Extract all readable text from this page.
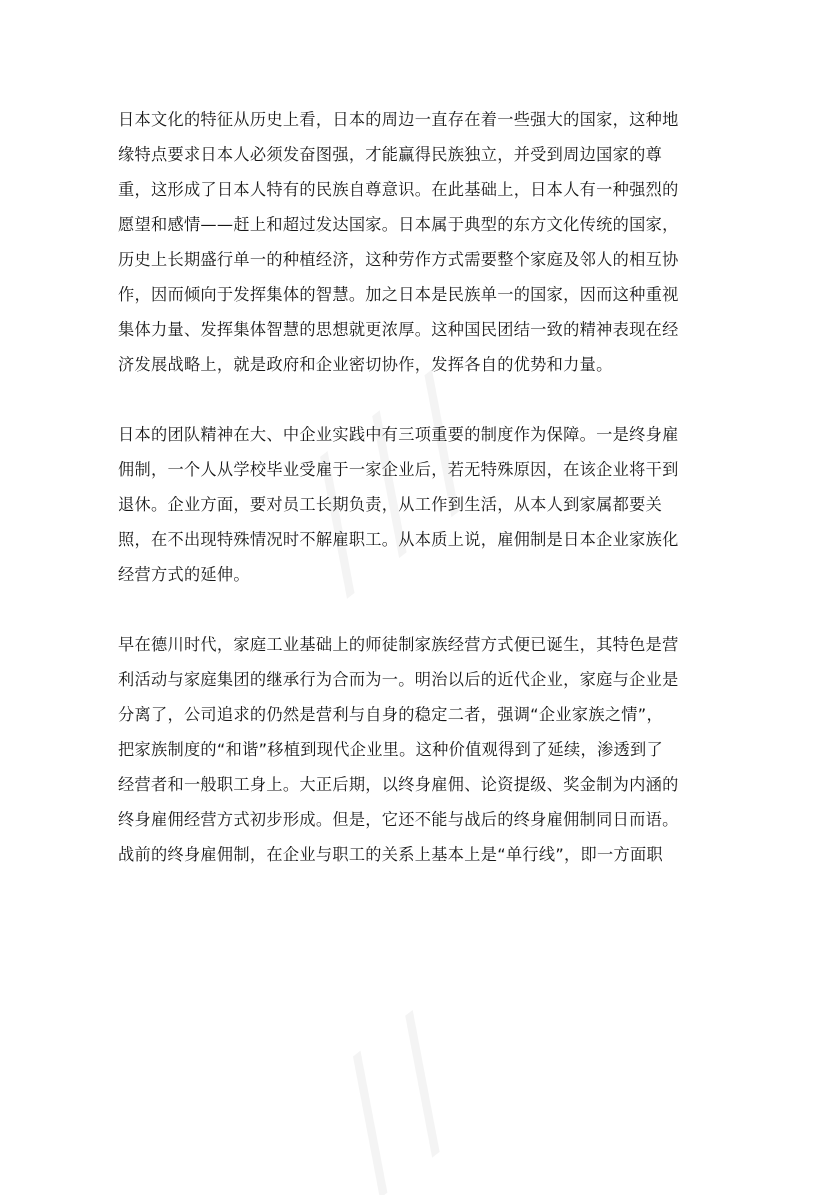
日本文化的特征从历史上看，日本的周边一直存在着一些强大的国家，这种地
缘特点要求日本人必须发奋图强，才能赢得民族独立，并受到周边国家的尊
重，这形成了日本人特有的民族自尊意识。在此基础上，日本人有一种强烈的
愿望和感情——赶上和超过发达国家。日本属于典型的东方文化传统的国家，
历史上长期盛行单一的种植经济，这种劳作方式需要整个家庭及邻人的相互协
作，因而倾向于发挥集体的智慧。加之日本是民族单一的国家，因而这种重视
集体力量、发挥集体智慧的思想就更浓厚。这种国民团结一致的精神表现在经
济发展战略上，就是政府和企业密切协作，发挥各自的优势和力量。

日本的团队精神在大、中企业实践中有三项重要的制度作为保障。一是终身雇
佣制，一个人从学校毕业受雇于一家企业后，若无特殊原因，在该企业将干到
退休。企业方面，要对员工长期负责，从工作到生活，从本人到家属都要关
照，在不出现特殊情况时不解雇职工。从本质上说，雇佣制是日本企业家族化
经营方式的延伸。

早在德川时代，家庭工业基础上的师徒制家族经营方式便已诞生，其特色是营
利活动与家庭集团的继承行为合而为一。明治以后的近代企业，家庭与企业是
分离了，公司追求的仍然是营利与自身的稳定二者，强调“企业家族之情”，
把家族制度的“和谐”移植到现代企业里。这种价值观得到了延续，渗透到了
经营者和一般职工身上。大正后期，以终身雇佣、论资提级、奖金制为内涵的
终身雇佣经营方式初步形成。但是，它还不能与战后的终身雇佣制同日而语。
战前的终身雇佣制，在企业与职工的关系上基本上是“单行线”，即一方面职
